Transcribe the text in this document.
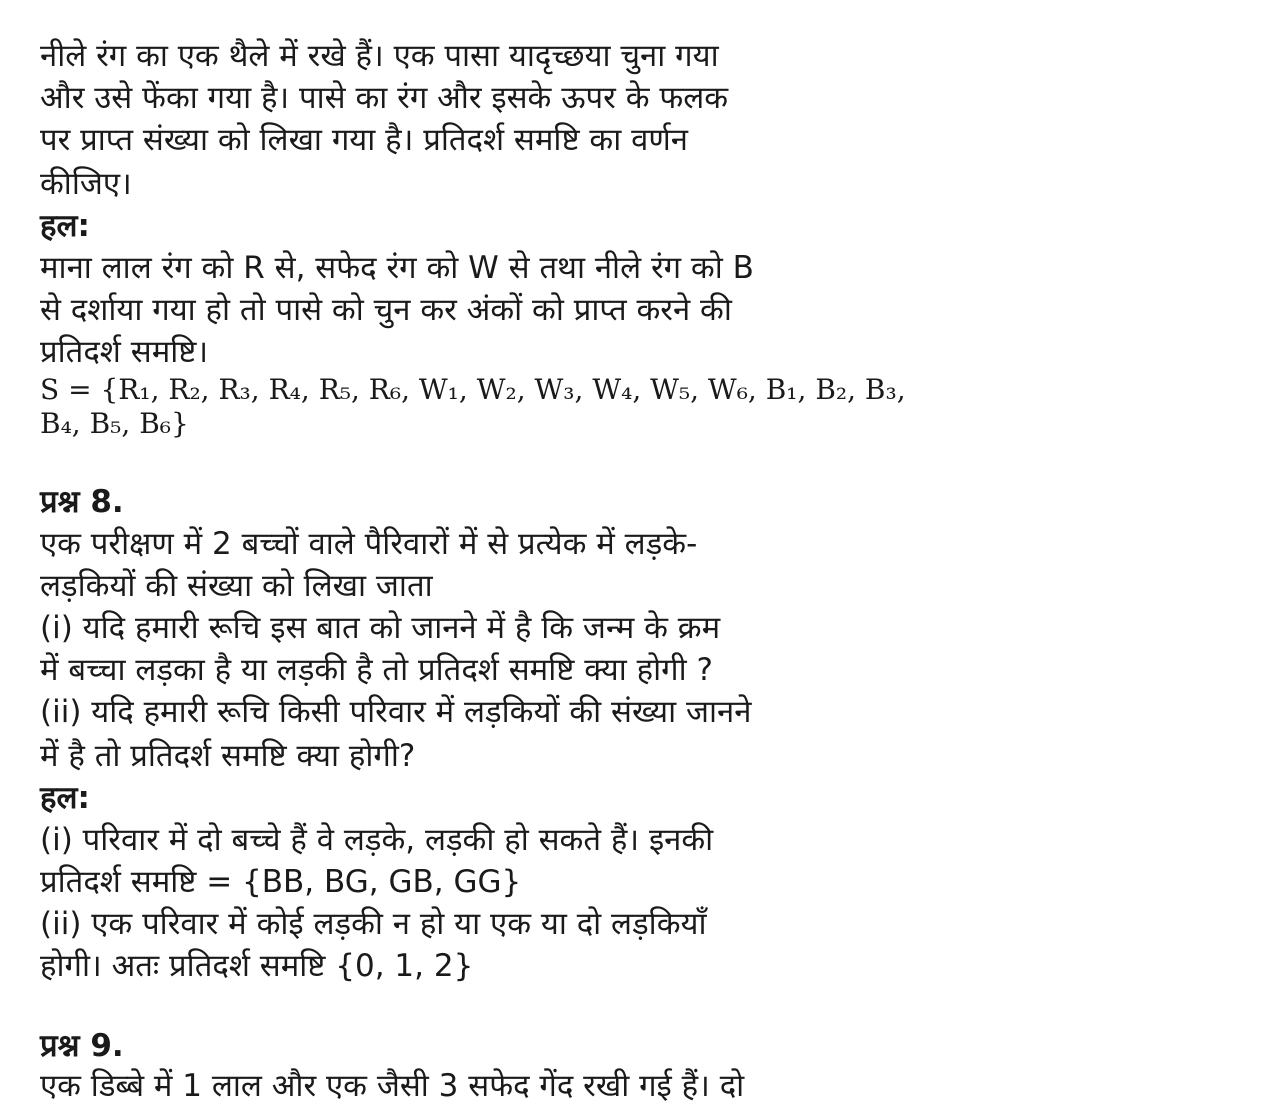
नीले रंग का एक थैले में रखे हैं। एक पासा यादृच्छया चुना गया

और उसे फेंका गया है। पासे का रंग और इसके ऊपर के फलक

पर प्राप्त संख्या को लिखा गया है। प्रतिदर्श समष्टि का वर्णन

कीजिए।

हल:

माना लाल रंग को R से, सफेद रंग को W से तथा नीले रंग को B

से दर्शाया गया हो तो पासे को चुन कर अंकों को प्राप्त करने की

प्रतिदर्श समष्टि।

S = {R₁, R₂, R₃, R₄, R₅, R₆, W₁, W₂, W₃, W₄, W₅, W₆, B₁, B₂, B₃,

B₄, B₅, B₆}

प्रश्न 8.

एक परीक्षण में 2 बच्चों वाले पैरिवारों में से प्रत्येक में लड़के-

लड़कियों की संख्या को लिखा जाता

(i) यदि हमारी रूचि इस बात को जानने में है कि जन्म के क्रम

में बच्चा लड़का है या लड़की है तो प्रतिदर्श समष्टि क्या होगी ?

(ii) यदि हमारी रूचि किसी परिवार में लड़कियों की संख्या जानने

में है तो प्रतिदर्श समष्टि क्या होगी?

हल:

(i) परिवार में दो बच्चे हैं वे लड़के, लड़की हो सकते हैं। इनकी

प्रतिदर्श समष्टि = {BB, BG, GB, GG}

(ii) एक परिवार में कोई लड़की न हो या एक या दो लड़कियाँ

होगी। अतः प्रतिदर्श समष्टि {0, 1, 2}

प्रश्न 9.

एक डिब्बे में 1 लाल और एक जैसी 3 सफेद गेंद रखी गई हैं। दो
